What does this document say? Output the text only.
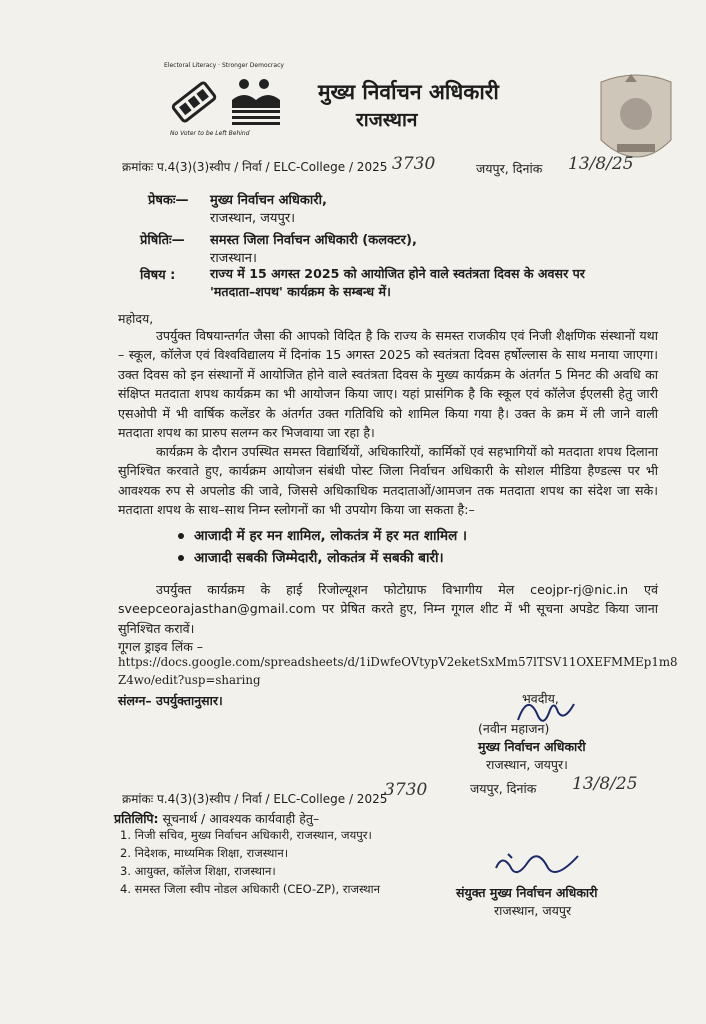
Electoral Literacy · Stronger Democracy
No Voter to be Left Behind
मुख्य निर्वाचन अधिकारी
राजस्थान
क्रमांकः प.4(3)(3)स्वीप / निर्वा / ELC-College / 2025 3730	जयपुर, दिनांक 13/8/25
प्रेषकः— मुख्य निर्वाचन अधिकारी,
राजस्थान, जयपुर।
प्रेषितिः— समस्त जिला निर्वाचन अधिकारी (कलक्टर),
राजस्थान।
विषय :	राज्य में 15 अगस्त 2025 को आयोजित होने वाले स्वतंत्रता दिवस के अवसर पर
'मतदाता–शपथ' कार्यक्रम के सम्बन्ध में।
महोदय,
उपर्युक्त विषयान्तर्गत जैसा की आपको विदित है कि राज्य के समस्त राजकीय एवं निजी शैक्षणिक संस्थानों यथा – स्कूल, कॉलेज एवं विश्वविद्यालय में दिनांक 15 अगस्त 2025 को स्वतंत्रता दिवस हर्षोल्लास के साथ मनाया जाएगा। उक्त दिवस को इन संस्थानों में आयोजित होने वाले स्वतंत्रता दिवस के मुख्य कार्यक्रम के अंतर्गत 5 मिनट की अवधि का संक्षिप्त मतदाता शपथ कार्यक्रम का भी आयोजन किया जाए। यहां प्रासंगिक है कि स्कूल एवं कॉलेज ईएलसी हेतु जारी एसओपी में भी वार्षिक कलेंडर के अंतर्गत उक्त गतिविधि को शामिल किया गया है। उक्त के क्रम में ली जाने वाली मतदाता शपथ का प्रारुप सलग्न कर भिजवाया जा रहा है।
कार्यक्रम के दौरान उपस्थित समस्त विद्यार्थियों, अधिकारियों, कार्मिकों एवं सहभागियों को मतदाता शपथ दिलाना सुनिश्चित करवाते हुए, कार्यक्रम आयोजन संबंधी पोस्ट जिला निर्वाचन अधिकारी के सोशल मीडिया हैण्डल्स पर भी आवश्यक रुप से अपलोड की जावे, जिससे अधिकाधिक मतदाताओं/आमजन तक मतदाता शपथ का संदेश जा सके। मतदाता शपथ के साथ–साथ निम्न स्लोगनों का भी उपयोग किया जा सकता है:–
आजादी में हर मन शामिल, लोकतंत्र में हर मत शामिल ।
आजादी सबकी जिम्मेदारी, लोकतंत्र में सबकी बारी।
उपर्युक्त कार्यक्रम के हाई रिजोल्यूशन फोटोग्राफ विभागीय मेल ceojpr-rj@nic.in एवं sveepceorajasthan@gmail.com पर प्रेषित करते हुए, निम्न गूगल शीट में भी सूचना अपडेट किया जाना सुनिश्चित करावें।
गूगल ड्राइव लिंक –
https://docs.google.com/spreadsheets/d/1iDwfeOVtypV2eketSxMm57lTSV11OXEFMMEp1m8
Z4wo/edit?usp=sharing
संलग्न– उपर्युक्तानुसार।	भवदीय,
(नवीन महाजन)
मुख्य निर्वाचन अधिकारी
राजस्थान, जयपुर।
क्रमांकः प.4(3)(3)स्वीप / निर्वा / ELC-College / 2025
3730	जयपुर, दिनांक 13/8/25
प्रतिलिपि: सूचनार्थ / आवश्यक कार्यवाही हेतु–
1. निजी सचिव, मुख्य निर्वाचन अधिकारी, राजस्थान, जयपुर।
2. निदेशक, माध्यमिक शिक्षा, राजस्थान।
3. आयुक्त, कॉलेज शिक्षा, राजस्थान।
4. समस्त जिला स्वीप नोडल अधिकारी (CEO-ZP), राजस्थान	संयुक्त मुख्य निर्वाचन अधिकारी
राजस्थान, जयपुर
